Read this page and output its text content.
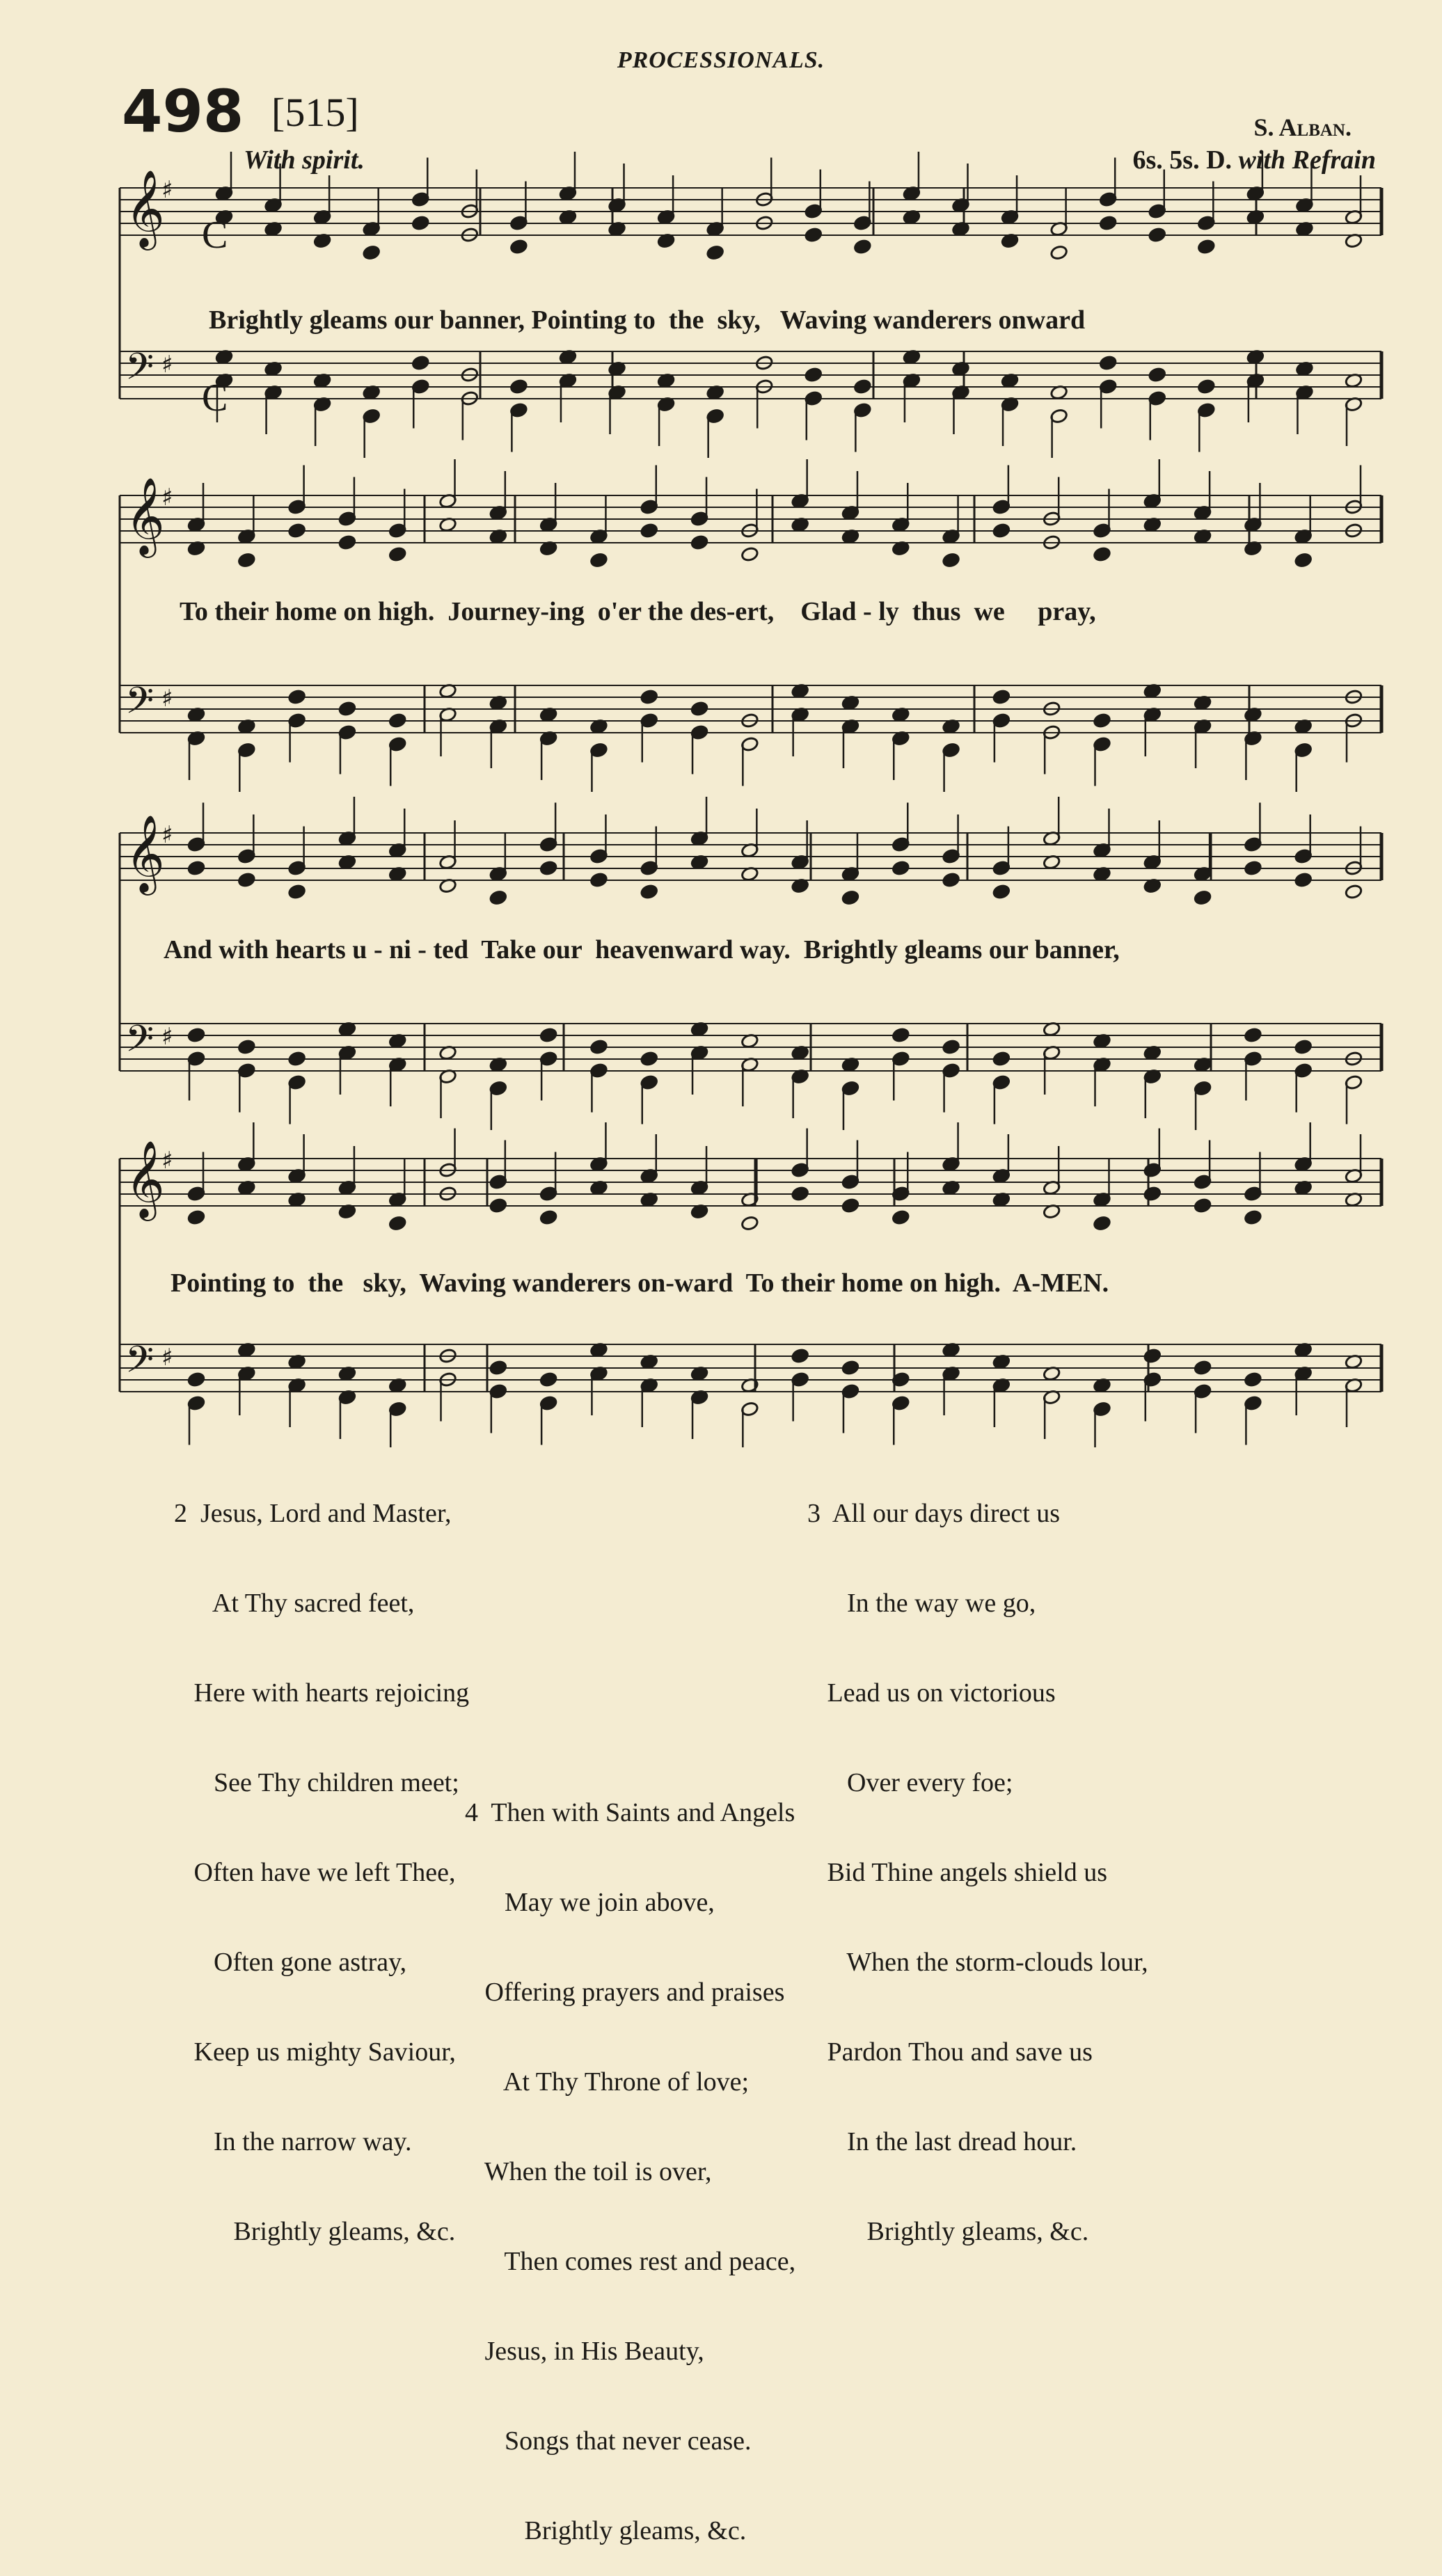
PROCESSIONALS.
498 [515]	S. Alban.
With spirit.	6s. 5s. D. with Refrain
𝄞
♯
𝄢 ♯
𝄞
♯
𝄢 ♯
𝄞
♯
𝄢 ♯
𝄞
♯
𝄢 ♯
C
C
Brightly gleams our banner, Pointing to  the  sky,   Waving wanderers onward
To their home on high.  Journey-ing  o'er the des-ert,    Glad - ly  thus  we     pray,
And with hearts u - ni - ted  Take our  heavenward way.  Brightly gleams our banner,
Pointing to  the   sky,  Waving wanderers on-ward  To their home on high.  A-MEN.

2  Jesus, Lord and Master,

At Thy sacred feet,

Here with hearts rejoicing

See Thy children meet;

Often have we left Thee,

Often gone astray,

Keep us mighty Saviour,

In the narrow way.

Brightly gleams, &c.

3  All our days direct us

In the way we go,

Lead us on victorious

Over every foe;

Bid Thine angels shield us

When the storm-clouds lour,

Pardon Thou and save us

In the last dread hour.

Brightly gleams, &c.

4  Then with Saints and Angels

May we join above,

Offering prayers and praises

At Thy Throne of love;

When the toil is over,

Then comes rest and peace,

Jesus, in His Beauty,

Songs that never cease.

Brightly gleams, &c.
